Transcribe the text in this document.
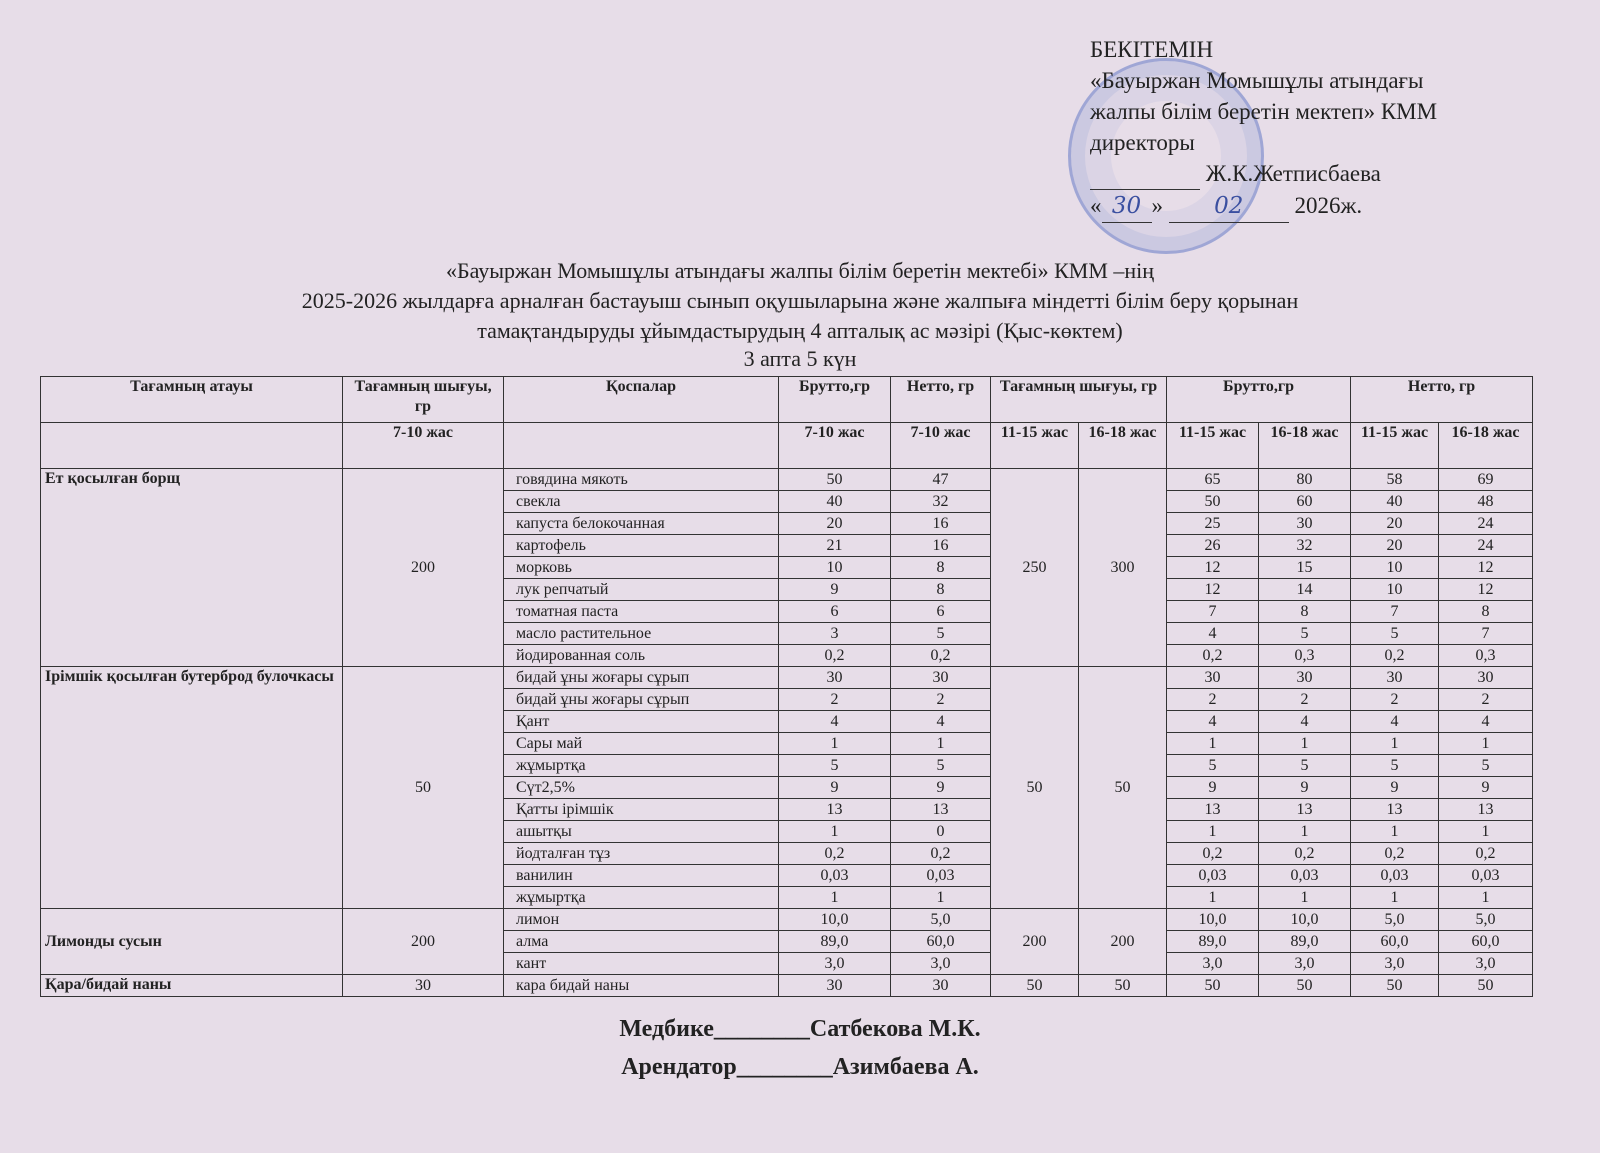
БЕКІТЕМІН
«Бауыржан Момышұлы атындағы
жалпы білім беретін мектеп» КММ
директоры
Ж.К.Жетписбаева
« 30 » 02 2026ж.
«Бауыржан Момышұлы атындағы жалпы білім беретін мектебі» КММ –нің
2025-2026 жылдарға арналған бастауыш сынып оқушыларына және жалпыға міндетті білім беру қорынан
тамақтандыруды ұйымдастырудың 4 апталық ас мәзірі (Қыс-көктем)
3 апта 5 күн
Тағамның атауы	Тағамның шығуы, гр	Қоспалар	Брутто,гр	Нетто, гр	Тағамның шығуы, гр		Брутто,гр		Нетто, гр	
	7-10 жас		7-10 жас	7-10 жас	11-15 жас	16-18 жас	11-15 жас	16-18 жас	11-15 жас	16-18 жас
Ет қосылған борщ	200	говядина мякоть	50	47	250	300	65	80	58	69
		свекла	40	32			50	60	40	48
		капуста белокочанная	20	16			25	30	20	24
		картофель	21	16			26	32	20	24
		морковь	10	8			12	15	10	12
		лук репчатый	9	8			12	14	10	12
		томатная паста	6	6			7	8	7	8
		масло растительное	3	5			4	5	5	7
		йодированная соль	0,2	0,2			0,2	0,3	0,2	0,3
Ірімшік қосылған бутерброд булочкасы	50	бидай ұны жоғары сұрып	30	30	50	50	30	30	30	30
		бидай ұны жоғары сұрып	2	2			2	2	2	2
		Қант	4	4			4	4	4	4
		Сары май	1	1			1	1	1	1
		жұмыртқа	5	5			5	5	5	5
		Сүт2,5%	9	9			9	9	9	9
		Қатты ірімшік	13	13			13	13	13	13
		ашытқы	1	0			1	1	1	1
		йодталған тұз	0,2	0,2			0,2	0,2	0,2	0,2
		ванилин	0,03	0,03			0,03	0,03	0,03	0,03
		жұмыртқа	1	1			1	1	1	1
Лимонды сусын	200	лимон	10,0	5,0	200	200	10,0	10,0	5,0	5,0
		алма	89,0	60,0			89,0	89,0	60,0	60,0
		кант	3,0	3,0			3,0	3,0	3,0	3,0
Қара/бидай наны	30	кара бидай наны	30	30	50	50	50	50	50	50
Медбике________Сатбекова М.К.
Арендатор________Азимбаева А.
